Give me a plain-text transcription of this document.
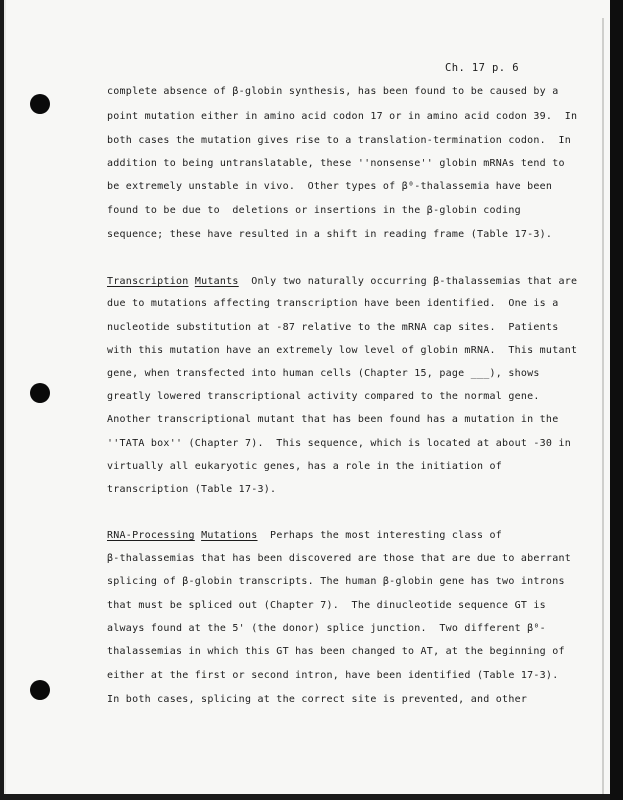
Ch. 17 p. 6
complete absence of β-globin synthesis, has been found to be caused by a
point mutation either in amino acid codon 17 or in amino acid codon 39.  In
both cases the mutation gives rise to a translation-termination codon.  In
addition to being untranslatable, these ''nonsense'' globin mRNAs tend to
be extremely unstable in vivo.  Other types of β⁰-thalassemia have been
found to be due to  deletions or insertions in the β-globin coding
sequence; these have resulted in a shift in reading frame (Table 17-3).
Transcription Mutants  Only two naturally occurring β-thalassemias that are
due to mutations affecting transcription have been identified.  One is a
nucleotide substitution at -87 relative to the mRNA cap sites.  Patients
with this mutation have an extremely low level of globin mRNA.  This mutant
gene, when transfected into human cells (Chapter 15, page ___), shows
greatly lowered transcriptional activity compared to the normal gene.
Another transcriptional mutant that has been found has a mutation in the
''TATA box'' (Chapter 7).  This sequence, which is located at about -30 in
virtually all eukaryotic genes, has a role in the initiation of
transcription (Table 17-3).
RNA-Processing Mutations  Perhaps the most interesting class of
β-thalassemias that has been discovered are those that are due to aberrant
splicing of β-globin transcripts. The human β-globin gene has two introns
that must be spliced out (Chapter 7).  The dinucleotide sequence GT is
always found at the 5' (the donor) splice junction.  Two different β⁰-
thalassemias in which this GT has been changed to AT, at the beginning of
either at the first or second intron, have been identified (Table 17-3).
In both cases, splicing at the correct site is prevented, and other
